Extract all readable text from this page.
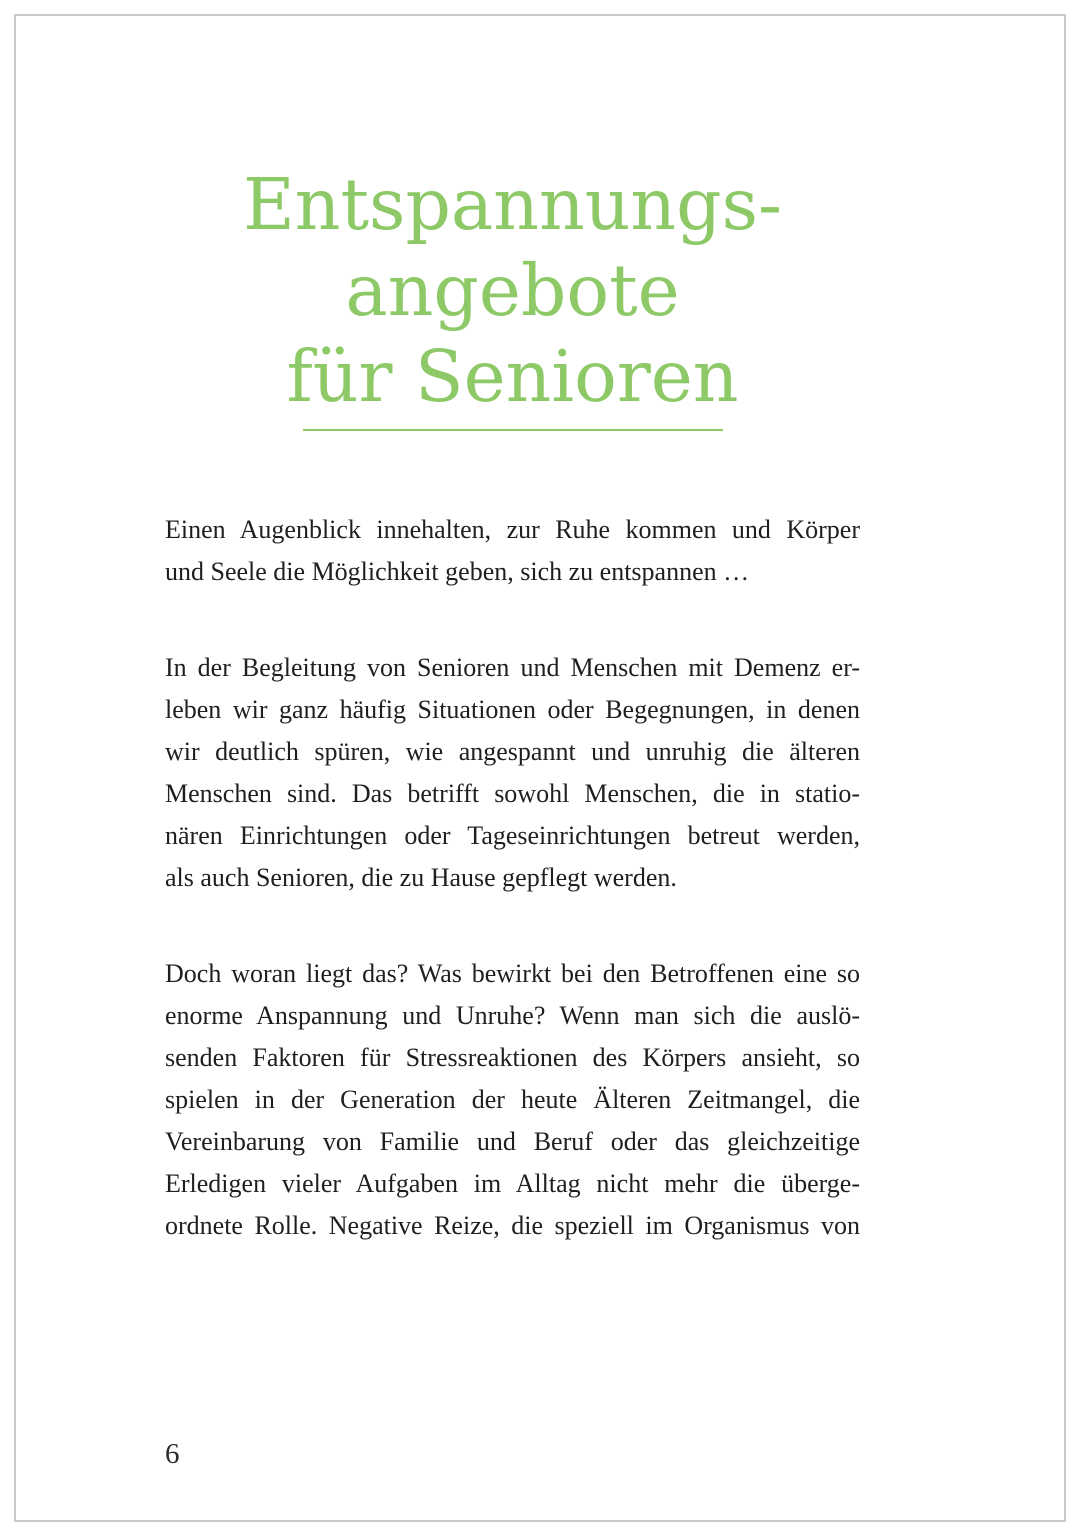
Entspannungs-
angebote
für Senioren
Einen Augenblick innehalten, zur Ruhe kommen und Körper
und Seele die Möglichkeit geben, sich zu entspannen …
In der Begleitung von Senioren und Menschen mit Demenz er-
leben wir ganz häufig Situationen oder Begegnungen, in denen
wir deutlich spüren, wie angespannt und unruhig die älteren
Menschen sind. Das betrifft sowohl Menschen, die in statio-
nären Einrichtungen oder Tageseinrichtungen betreut werden,
als auch Senioren, die zu Hause gepflegt werden.
Doch woran liegt das? Was bewirkt bei den Betroffenen eine so
enorme Anspannung und Unruhe? Wenn man sich die auslö-
senden Faktoren für Stressreaktionen des Körpers ansieht, so
spielen in der Generation der heute Älteren Zeitmangel, die
Vereinbarung von Familie und Beruf oder das gleichzeitige
Erledigen vieler Aufgaben im Alltag nicht mehr die überge-
ordnete Rolle. Negative Reize, die speziell im Organismus von
6
